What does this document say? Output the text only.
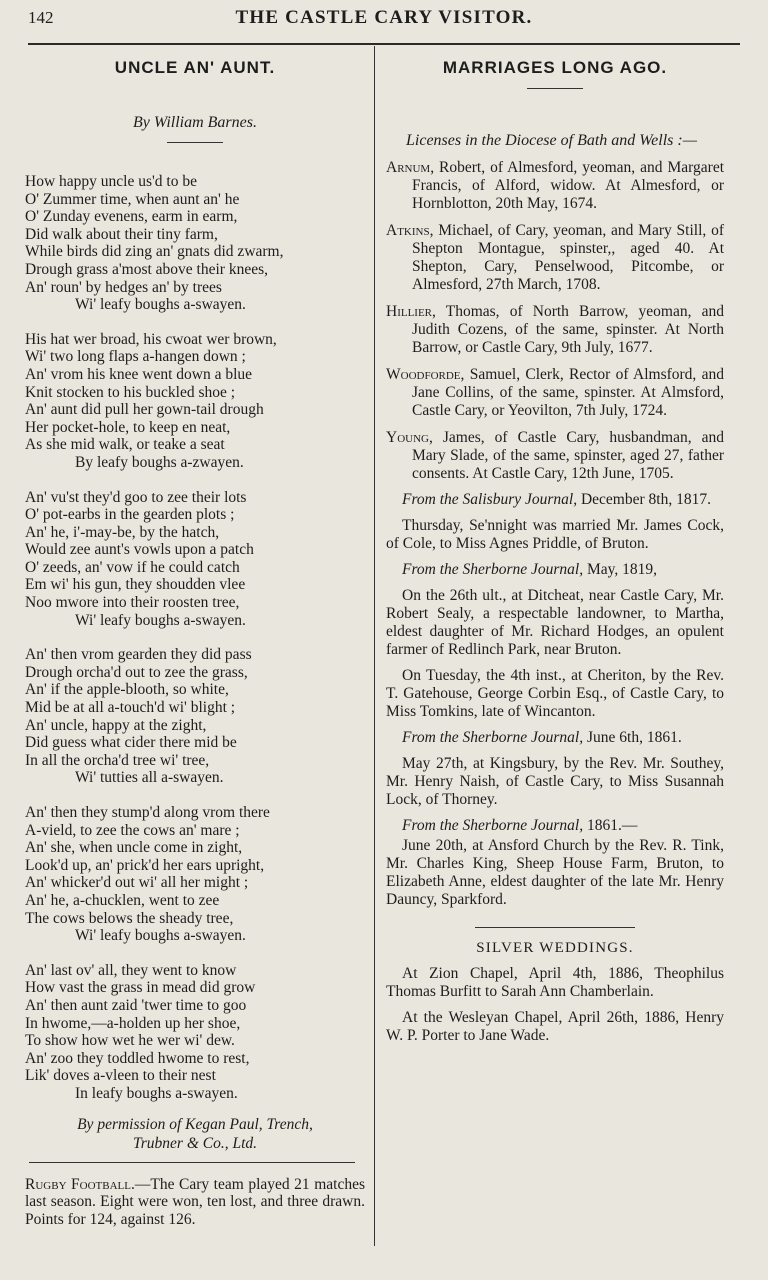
142	THE CASTLE CARY VISITOR.
UNCLE AN' AUNT.
By William Barnes.
How happy uncle us'd to be
O' Zummer time, when aunt an' he
O' Zunday evenens, earm in earm,
Did walk about their tiny farm,
While birds did zing an' gnats did zwarm,
Drough grass a'most above their knees,
An' roun' by hedges an' by trees
Wi' leafy boughs a-swayen.
His hat wer broad, his cwoat wer brown,
Wi' two long flaps a-hangen down ;
An' vrom his knee went down a blue
Knit stocken to his buckled shoe ;
An' aunt did pull her gown-tail drough
Her pocket-hole, to keep en neat,
As she mid walk, or teake a seat
By leafy boughs a-zwayen.
An' vu'st they'd goo to zee their lots
O' pot-earbs in the gearden plots ;
An' he, i'-may-be, by the hatch,
Would zee aunt's vowls upon a patch
O' zeeds, an' vow if he could catch
Em wi' his gun, they shoudden vlee
Noo mwore into their roosten tree,
Wi' leafy boughs a-swayen.
An' then vrom gearden they did pass
Drough orcha'd out to zee the grass,
An' if the apple-blooth, so white,
Mid be at all a-touch'd wi' blight ;
An' uncle, happy at the zight,
Did guess what cider there mid be
In all the orcha'd tree wi' tree,
Wi' tutties all a-swayen.
An' then they stump'd along vrom there
A-vield, to zee the cows an' mare ;
An' she, when uncle come in zight,
Look'd up, an' prick'd her ears upright,
An' whicker'd out wi' all her might ;
An' he, a-chucklen, went to zee
The cows belows the sheady tree,
Wi' leafy boughs a-swayen.
An' last ov' all, they went to know
How vast the grass in mead did grow
An' then aunt zaid 'twer time to goo
In hwome,—a-holden up her shoe,
To show how wet he wer wi' dew.
An' zoo they toddled hwome to rest,
Lik' doves a-vleen to their nest
In leafy boughs a-swayen.
By permission of Kegan Paul, Trench,
Trubner & Co., Ltd.
Rugby Football.—The Cary team played 21 matches last season. Eight were won, ten lost, and three drawn. Points for 124, against 126.
MARRIAGES LONG AGO.
Licenses in the Diocese of Bath and Wells :—
Arnum, Robert, of Almesford, yeoman, and Margaret Francis, of Alford, widow. At Almesford, or Hornblotton, 20th May, 1674.
Atkins, Michael, of Cary, yeoman, and Mary Still, of Shepton Montague, spinster,, aged 40. At Shepton, Cary, Penselwood, Pitcombe, or Almesford, 27th March, 1708.
Hillier, Thomas, of North Barrow, yeoman, and Judith Cozens, of the same, spinster. At North Barrow, or Castle Cary, 9th July, 1677.
Woodforde, Samuel, Clerk, Rector of Almsford, and Jane Collins, of the same, spinster. At Almsford, Castle Cary, or Yeovilton, 7th July, 1724.
Young, James, of Castle Cary, husbandman, and Mary Slade, of the same, spinster, aged 27, father consents. At Castle Cary, 12th June, 1705.
From the Salisbury Journal, December 8th, 1817.
Thursday, Se'nnight was married Mr. James Cock, of Cole, to Miss Agnes Priddle, of Bruton.
From the Sherborne Journal, May, 1819,
On the 26th ult., at Ditcheat, near Castle Cary, Mr. Robert Sealy, a respectable landowner, to Martha, eldest daughter of Mr. Richard Hodges, an opulent farmer of Redlinch Park, near Bruton.
On Tuesday, the 4th inst., at Cheriton, by the Rev. T. Gatehouse, George Corbin Esq., of Castle Cary, to Miss Tomkins, late of Wincanton.
From the Sherborne Journal, June 6th, 1861.
May 27th, at Kingsbury, by the Rev. Mr. Southey, Mr. Henry Naish, of Castle Cary, to Miss Susannah Lock, of Thorney.
From the Sherborne Journal, 1861.—
June 20th, at Ansford Church by the Rev. R. Tink, Mr. Charles King, Sheep House Farm, Bruton, to Elizabeth Anne, eldest daughter of the late Mr. Henry Dauncy, Sparkford.
SILVER WEDDINGS.
At Zion Chapel, April 4th, 1886, Theophilus Thomas Burfitt to Sarah Ann Chamberlain.
At the Wesleyan Chapel, April 26th, 1886, Henry W. P. Porter to Jane Wade.
